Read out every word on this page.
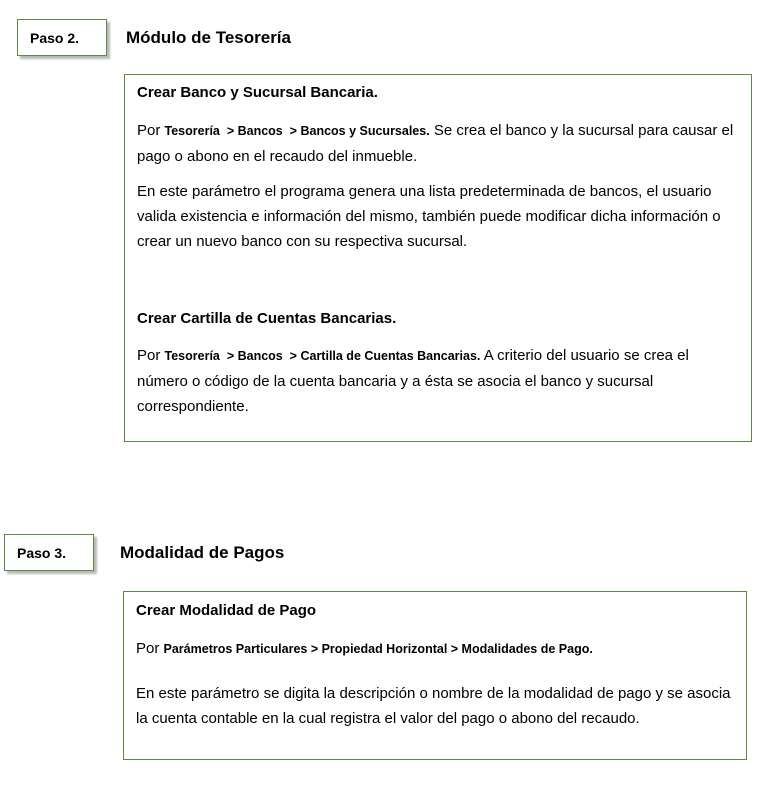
Paso 2.	Módulo de Tesorería

Crear Banco y Sucursal Bancaria.

Por Tesorería  > Bancos  > Bancos y Sucursales. Se crea el banco y la sucursal para causar el pago o abono en el recaudo del inmueble.

En este parámetro el programa genera una lista predeterminada de bancos, el usuario valida existencia e información del mismo, también puede modificar dicha información o crear un nuevo banco con su respectiva sucursal.

Crear Cartilla de Cuentas Bancarias.

Por Tesorería  > Bancos  > Cartilla de Cuentas Bancarias. A criterio del usuario se crea el número o código de la cuenta bancaria y a ésta se asocia el banco y sucursal correspondiente.

Paso 3.	Modalidad de Pagos

Crear Modalidad de Pago

Por Parámetros Particulares > Propiedad Horizontal > Modalidades de Pago.

En este parámetro se digita la descripción o nombre de la modalidad de pago y se asocia la cuenta contable en la cual registra el valor del pago o abono del recaudo.
